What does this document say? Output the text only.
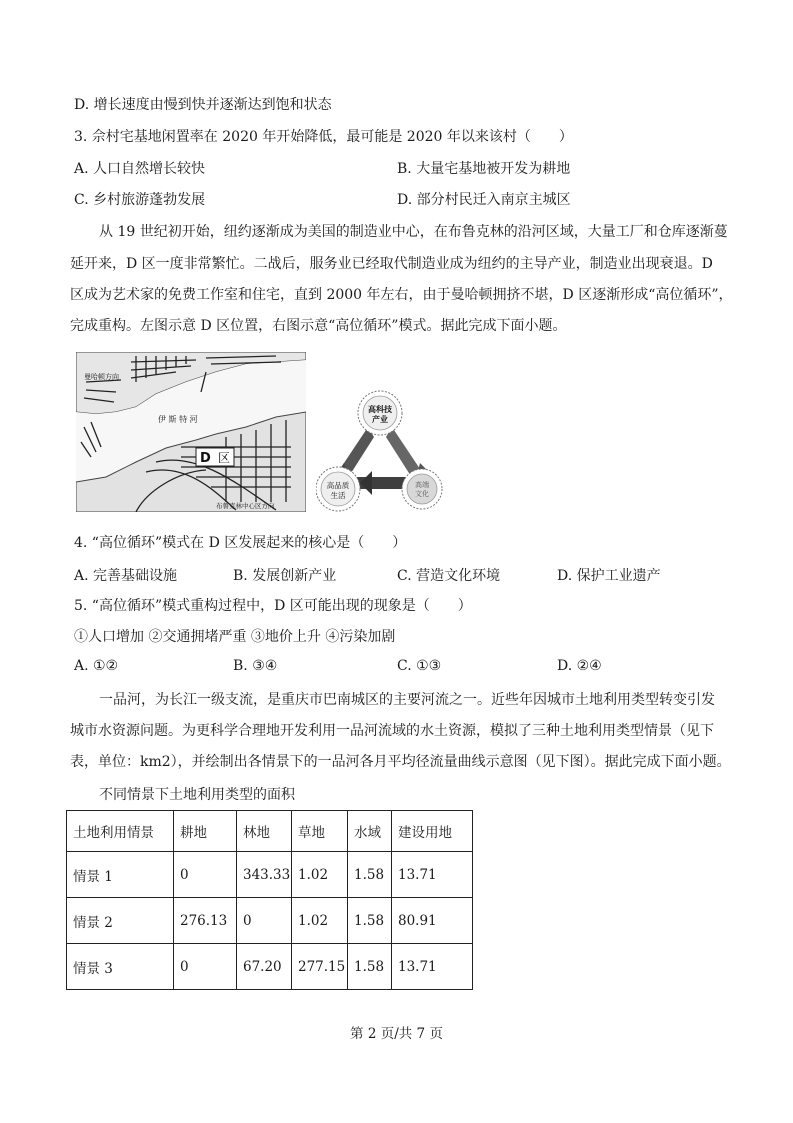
D. 增长速度由慢到快并逐渐达到饱和状态
3. 佘村宅基地闲置率在 2020 年开始降低，最可能是 2020 年以来该村（　　）
A. 人口自然增长较快	B. 大量宅基地被开发为耕地
C. 乡村旅游蓬勃发展	D. 部分村民迁入南京主城区
从 19 世纪初开始，纽约逐渐成为美国的制造业中心，在布鲁克林的沿河区域，大量工厂和仓库逐渐蔓
延开来，D 区一度非常繁忙。二战后，服务业已经取代制造业成为纽约的主导产业，制造业出现衰退。D
区成为艺术家的免费工作室和住宅，直到 2000 年左右，由于曼哈顿拥挤不堪，D 区逐渐形成“高位循环”，
完成重构。左图示意 D 区位置，右图示意“高位循环”模式。据此完成下面小题。
曼哈顿方向
伊 斯 特 河
D 区
布鲁克林中心区方向
高科技
产业
高品质
生活
高端
文化
4. “高位循环”模式在 D 区发展起来的核心是（　　）
A. 完善基础设施	B. 发展创新产业	C. 营造文化环境	D. 保护工业遗产
5. “高位循环”模式重构过程中，D 区可能出现的现象是（　　）
①人口增加 ②交通拥堵严重 ③地价上升 ④污染加剧
A. ①②	B. ③④	C. ①③	D. ②④
一品河，为长江一级支流，是重庆市巴南城区的主要河流之一。近些年因城市土地利用类型转变引发
城市水资源问题。为更科学合理地开发利用一品河流域的水土资源，模拟了三种土地利用类型情景（见下
表，单位：km2），并绘制出各情景下的一品河各月平均径流量曲线示意图（见下图）。据此完成下面小题。
不同情景下土地利用类型的面积
土地利用情景	耕地	林地	草地	水域	建设用地
情景 1	0	343.33	1.02	1.58	13.71
情景 2	276.13	0	1.02	1.58	80.91
情景 3	0	67.20	277.15	1.58	13.71
第 2 页/共 7 页
